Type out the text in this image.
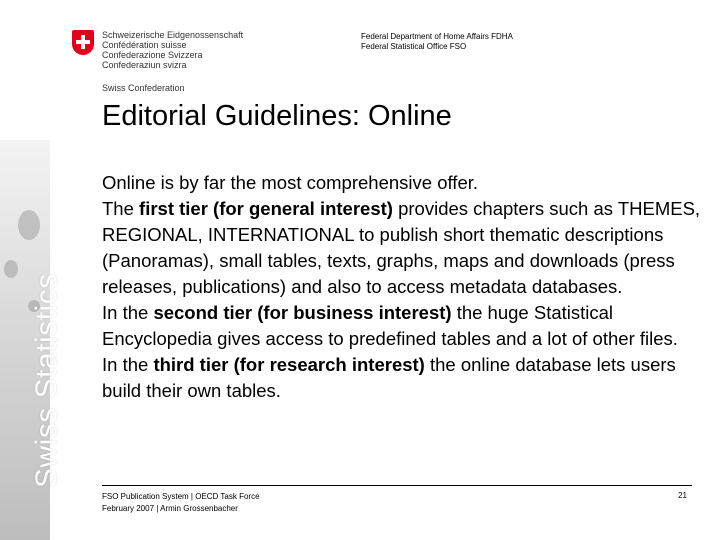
Swiss Statistics
Schweizerische Eidgenossenschaft
Confédération suisse
Confederazione Svizzera
Confederaziun svizra
Swiss Confederation
Federal Department of Home Affairs FDHA
Federal Statistical Office FSO
Editorial Guidelines: Online

Online is by far the most comprehensive offer.

The first tier (for general interest) provides chapters such as THEMES, REGIONAL, INTERNATIONAL to publish short thematic descriptions (Panoramas), small tables, texts, graphs, maps and downloads (press releases, publications) and also to access metadata databases.

In the second tier (for business interest) the huge Statistical Encyclopedia gives access to predefined tables and a lot of other files.

In the third tier (for research interest) the online database lets users build their own tables.

FSO Publication System | OECD Task Force
February 2007 | Armin Grossenbacher
21
